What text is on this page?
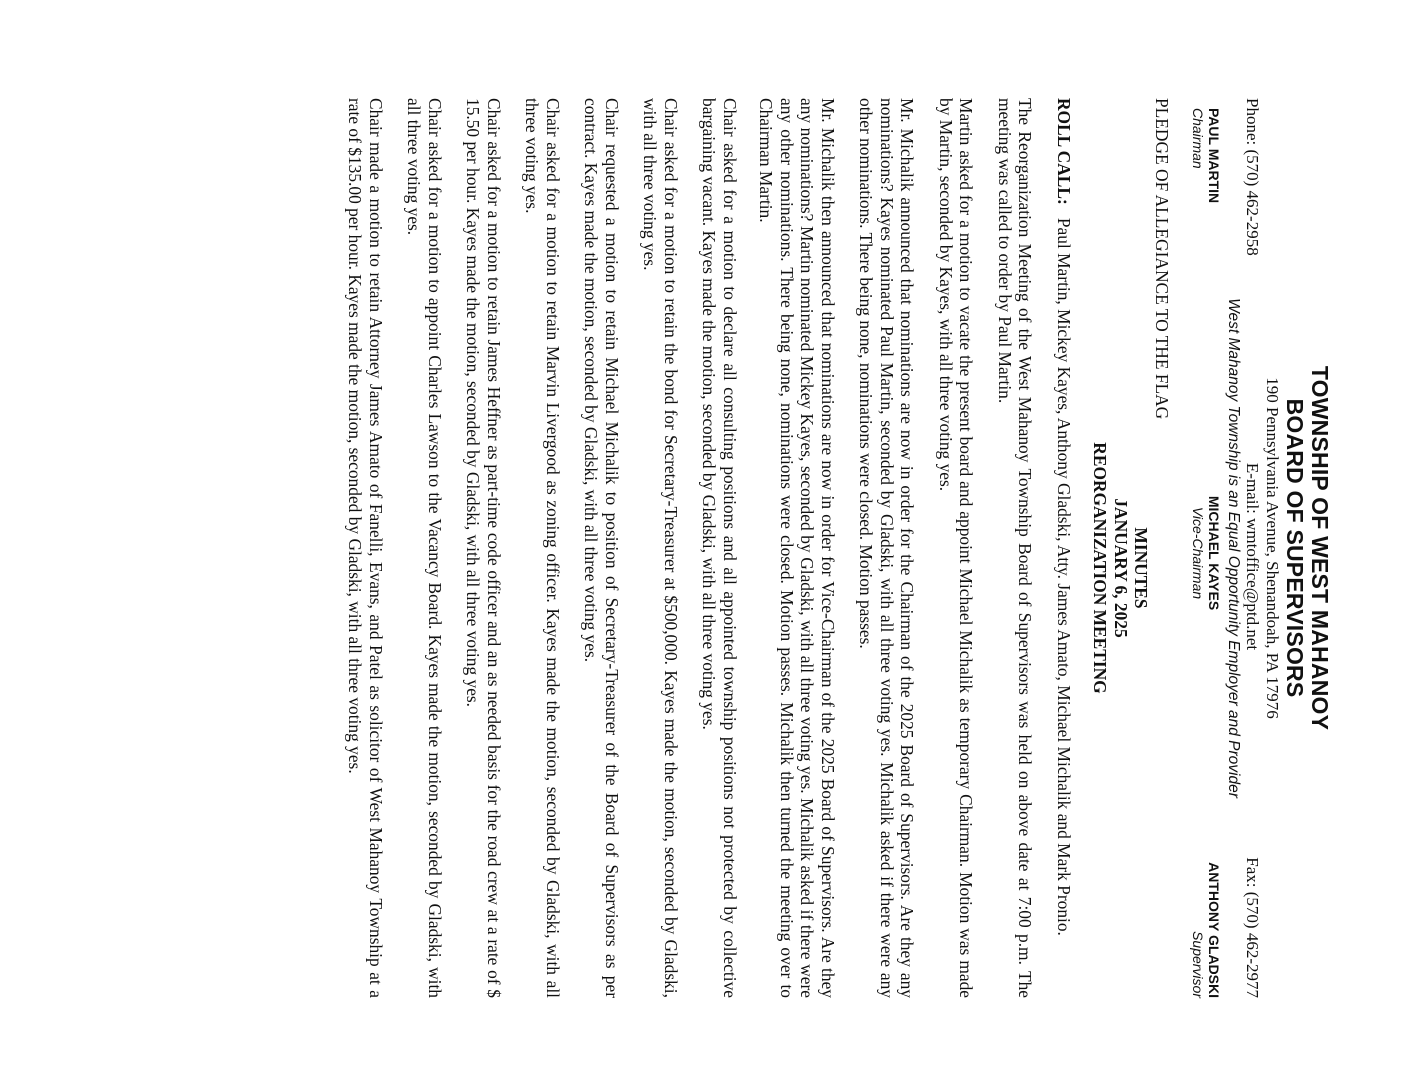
TOWNSHIP OF WEST MAHANOY
BOARD OF SUPERVISORS
190 Pennsylvania Avenue, Shenandoah, PA 17976
Phone: (570) 462-2958
E-mail: wmtoffice@ptd.net
Fax: (570) 462-2977
West Mahanoy Township is an Equal Opportunity Employer and Provider
PAUL MARTIN
Chairman
MICHAEL KAYES
Vice-Chairman
ANTHONY GLADSKI
Supervisor
PLEDGE OF ALLEGIANCE TO THE FLAG
MINUTES
JANUARY 6, 2025
REORGANIZATION MEETING
ROLL CALL:   Paul Martin, Mickey Kayes, Anthony Gladski, Atty. James Amato, Michael Michalik and Mark Pronio.
The Reorganization Meeting of the West Mahanoy Township Board of Supervisors was held on above date at 7:00 p.m. The meeting was called to order by Paul Martin.
Martin asked for a motion to vacate the present board and appoint Michael Michalik as temporary Chairman. Motion was made by Martin, seconded by Kayes, with all three voting yes.
Mr. Michalik announced that nominations are now in order for the Chairman of the 2025 Board of Supervisors. Are they any nominations? Kayes nominated Paul Martin, seconded by Gladski, with all three voting yes. Michalik asked if there were any other nominations. There being none, nominations were closed. Motion passes.
Mr. Michalik then announced that nominations are now in order for Vice-Chairman of the 2025 Board of Supervisors. Are they any nominations? Martin nominated Mickey Kayes, seconded by Gladski, with all three voting yes. Michalik asked if there were any other nominations. There being none, nominations were closed. Motion passes. Michalik then turned the meeting over to Chairman Martin.
Chair asked for a motion to declare all consulting positions and all appointed township positions not protected by collective bargaining vacant. Kayes made the motion, seconded by Gladski, with all three voting yes.
Chair asked for a motion to retain the bond for Secretary-Treasurer at $500,000. Kayes made the motion, seconded by Gladski, with all three voting yes.
Chair requested a motion to retain Michael Michalik to position of Secretary-Treasurer of the Board of Supervisors as per contract. Kayes made the motion, seconded by Gladski, with all three voting yes.
Chair asked for a motion to retain Marvin Livergood as zoning officer. Kayes made the motion, seconded by Gladski, with all three voting yes.
Chair asked for a motion to retain James Heffner as part-time code officer and an as needed basis for the road crew at a rate of $ 15.50 per hour. Kayes made the motion, seconded by Gladski, with all three voting yes.
Chair asked for a motion to appoint Charles Lawson to the Vacancy Board. Kayes made the motion, seconded by Gladski, with all three voting yes.
Chair made a motion to retain Attorney James Amato of Fanelli, Evans, and Patel as solicitor of West Mahanoy Township at a rate of $135.00 per hour. Kayes made the motion, seconded by Gladski, with all three voting yes.
